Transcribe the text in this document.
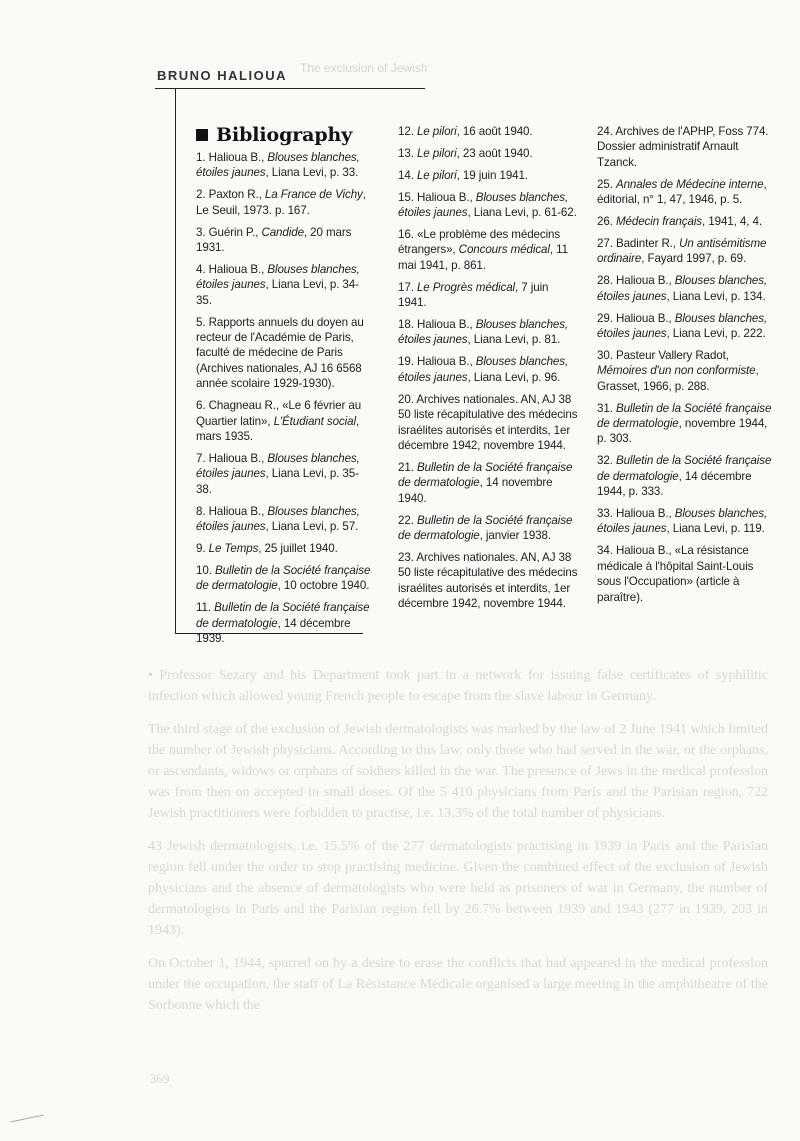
The exclusion of Jewish

• Professor Sezary and his Department took part in a network for issuing false certificates of syphilitic infection which allowed young French people to escape from the slave labour in Germany.

The third stage of the exclusion of Jewish dermatologists was marked by the law of 2 June 1941 which limited the number of Jewish physicians. According to this law, only those who had served in the war, or the orphans, or ascendants, widows or orphans of soldiers killed in the war. The presence of Jews in the medical profession was from then on accepted in small doses. Of the 5 410 physicians from Paris and the Parisian region, 722 Jewish practitioners were forbidden to practise, i.e. 13.3% of the total number of physicians.

43 Jewish dermatologists, i.e. 15.5% of the 277 dermatologists practising in 1939 in Paris and the Parisian region fell under the order to stop practising medicine. Given the combined effect of the exclusion of Jewish physicians and the absence of dermatologists who were held as prisoners of war in Germany, the number of dermatologists in Paris and the Parisian region fell by 26.7% between 1939 and 1943 (277 in 1939, 203 in 1943).

On October 1, 1944, spurred on by a desire to erase the conflicts that had appeared in the medical profession under the occupation, the staff of La Résistance Médicale organised a large meeting in the amphitheatre of the Sorbonne which the

369
BRUNO HALIOUA
Bibliography

1. Halioua B., Blouses blanches, étoiles jaunes, Liana Levi, p. 33.

2. Paxton R., La France de Vichy, Le Seuil, 1973. p. 167.

3. Guérin P., Candide, 20 mars 1931.

4. Halioua B., Blouses blanches, étoiles jaunes, Liana Levi, p. 34-35.

5. Rapports annuels du doyen au recteur de l'Académie de Paris, faculté de médecine de Paris (Archives nationales, AJ 16 6568 année scolaire 1929-1930).

6. Chagneau R., «Le 6 février au Quartier latin», L'Étudiant social, mars 1935.

7. Halioua B., Blouses blanches, étoiles jaunes, Liana Levi, p. 35-38.

8. Halioua B., Blouses blanches, étoiles jaunes, Liana Levi, p. 57.

9. Le Temps, 25 juillet 1940.

10. Bulletin de la Société française de dermatologie, 10 octobre 1940.

11. Bulletin de la Société française de dermatologie, 14 décembre 1939.

12. Le pilori, 16 août 1940.

13. Le pilori, 23 août 1940.

14. Le pilori, 19 juin 1941.

15. Halioua B., Blouses blanches, étoiles jaunes, Liana Levi, p. 61-62.

16. «Le problème des médecins étrangers», Concours médical, 11 mai 1941, p. 861.

17. Le Progrès médical, 7 juin 1941.

18. Halioua B., Blouses blanches, étoiles jaunes, Liana Levi, p. 81.

19. Halioua B., Blouses blanches, étoiles jaunes, Liana Levi, p. 96.

20. Archives nationales. AN, AJ 38 50 liste récapitulative des médecins israélites autorisés et interdits, 1er décembre 1942, novembre 1944.

21. Bulletin de la Société française de dermatologie, 14 novembre 1940.

22. Bulletin de la Société française de dermatologie, janvier 1938.

23. Archives nationales. AN, AJ 38 50 liste récapitulative des médecins israélites autorisés et interdits, 1er décembre 1942, novembre 1944.

24. Archives de l'APHP, Foss 774. Dossier administratif Arnault Tzanck.

25. Annales de Médecine interne, éditorial, n° 1, 47, 1946, p. 5.

26. Médecin français, 1941, 4, 4.

27. Badinter R., Un antisémitisme ordinaire, Fayard 1997, p. 69.

28. Halioua B., Blouses blanches, étoiles jaunes, Liana Levi, p. 134.

29. Halioua B., Blouses blanches, étoiles jaunes, Liana Levi, p. 222.

30. Pasteur Vallery Radot, Mémoires d'un non conformiste, Grasset, 1966, p. 288.

31. Bulletin de la Société française de dermatologie, novembre 1944, p. 303.

32. Bulletin de la Société française de dermatologie, 14 décembre 1944, p. 333.

33. Halioua B., Blouses blanches, étoiles jaunes, Liana Levi, p. 119.

34. Halioua B., «La résistance médicale à l'hôpital Saint-Louis sous l'Occupation» (article à paraître).
